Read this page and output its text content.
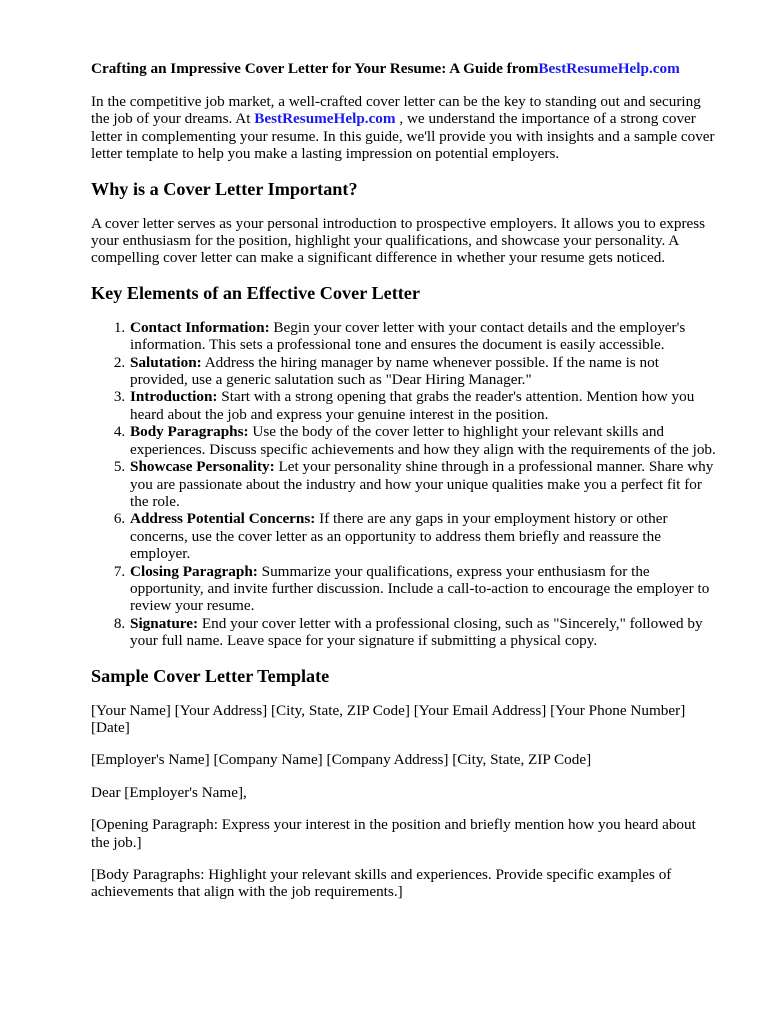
Crafting an Impressive Cover Letter for Your Resume: A Guide fromBestResumeHelp.com

In the competitive job market, a well-crafted cover letter can be the key to standing out and securing the job of your dreams. At BestResumeHelp.com , we understand the importance of a strong cover letter in complementing your resume. In this guide, we'll provide you with insights and a sample cover letter template to help you make a lasting impression on potential employers.

Why is a Cover Letter Important?

A cover letter serves as your personal introduction to prospective employers. It allows you to express your enthusiasm for the position, highlight your qualifications, and showcase your personality. A compelling cover letter can make a significant difference in whether your resume gets noticed.

Key Elements of an Effective Cover Letter
1. Contact Information: Begin your cover letter with your contact details and the employer's information. This sets a professional tone and ensures the document is easily accessible.
2. Salutation: Address the hiring manager by name whenever possible. If the name is not provided, use a generic salutation such as "Dear Hiring Manager."
3. Introduction: Start with a strong opening that grabs the reader's attention. Mention how you heard about the job and express your genuine interest in the position.
4. Body Paragraphs: Use the body of the cover letter to highlight your relevant skills and experiences. Discuss specific achievements and how they align with the requirements of the job.
5. Showcase Personality: Let your personality shine through in a professional manner. Share why you are passionate about the industry and how your unique qualities make you a perfect fit for the role.
6. Address Potential Concerns: If there are any gaps in your employment history or other concerns, use the cover letter as an opportunity to address them briefly and reassure the employer.
7. Closing Paragraph: Summarize your qualifications, express your enthusiasm for the opportunity, and invite further discussion. Include a call-to-action to encourage the employer to review your resume.
8. Signature: End your cover letter with a professional closing, such as "Sincerely," followed by your full name. Leave space for your signature if submitting a physical copy.
Sample Cover Letter Template

[Your Name] [Your Address] [City, State, ZIP Code] [Your Email Address] [Your Phone Number] [Date]

[Employer's Name] [Company Name] [Company Address] [City, State, ZIP Code]

Dear [Employer's Name],

[Opening Paragraph: Express your interest in the position and briefly mention how you heard about the job.]

[Body Paragraphs: Highlight your relevant skills and experiences. Provide specific examples of achievements that align with the job requirements.]
